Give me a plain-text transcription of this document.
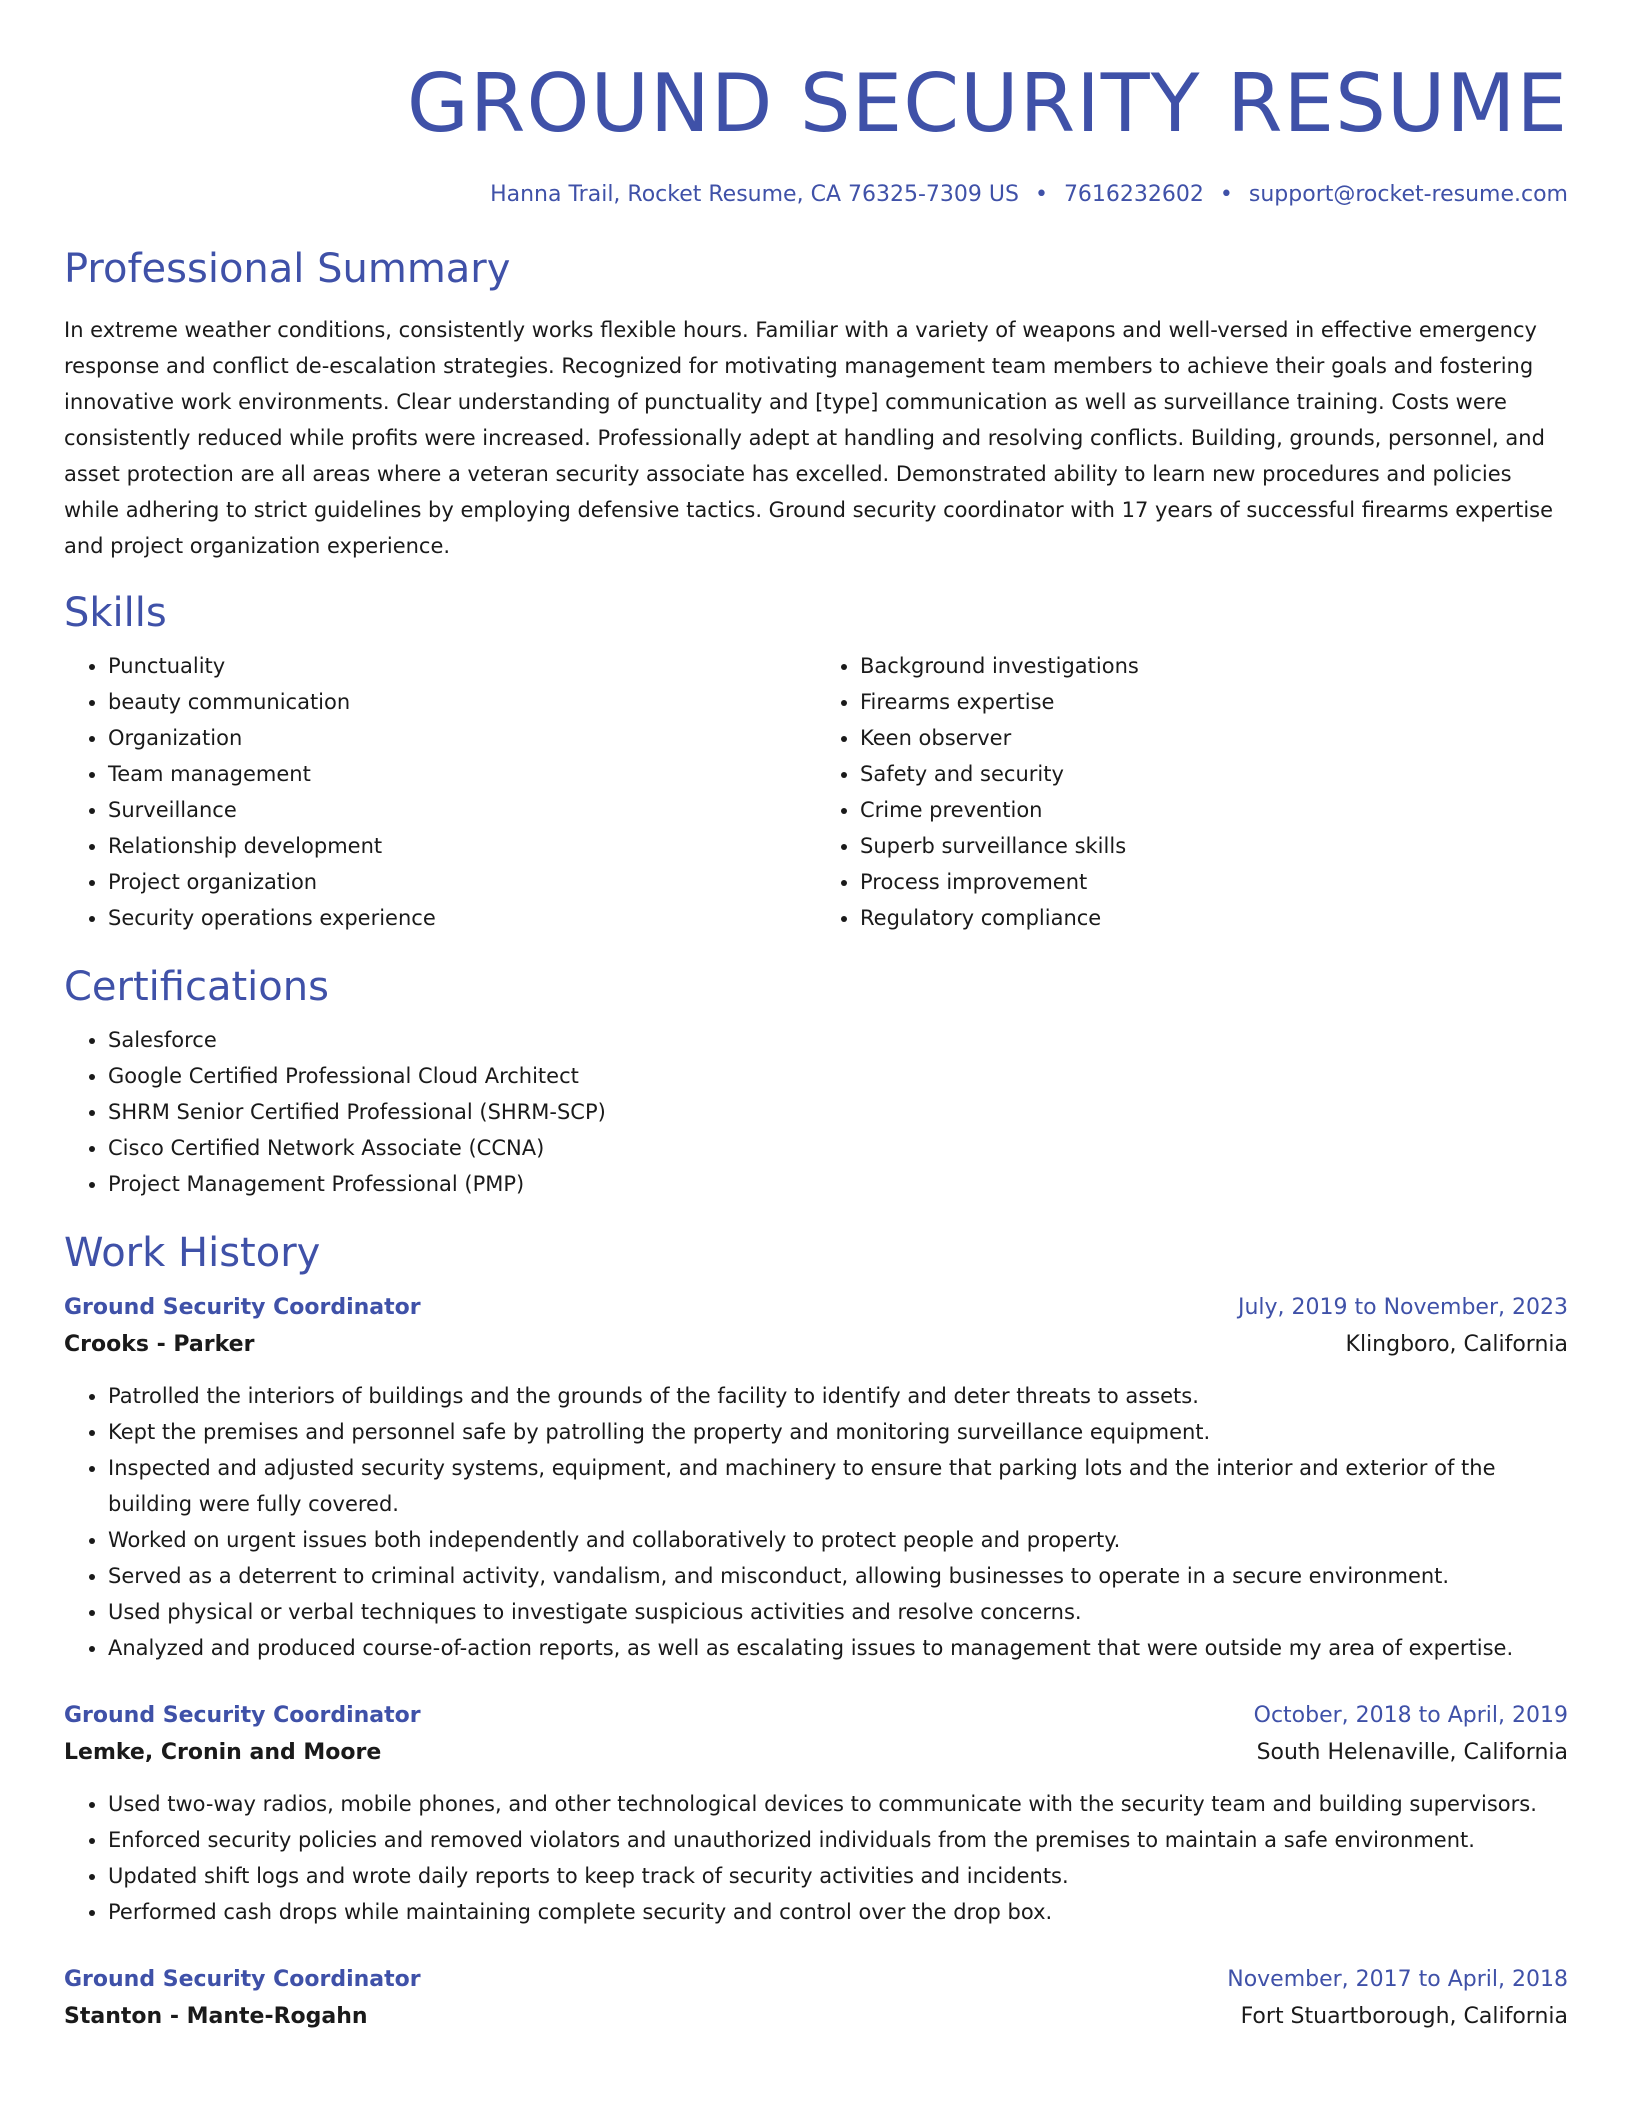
GROUND SECURITY RESUME
Hanna Trail, Rocket Resume, CA 76325-7309 US • 7616232602 • support@rocket-resume.com
Professional Summary

In extreme weather conditions, consistently works flexible hours. Familiar with a variety of weapons and well-versed in effective emergency response and conflict de-escalation strategies. Recognized for motivating management team members to achieve their goals and fostering innovative work environments. Clear understanding of punctuality and [type] communication as well as surveillance training. Costs were consistently reduced while profits were increased. Professionally adept at handling and resolving conflicts. Building, grounds, personnel, and asset protection are all areas where a veteran security associate has excelled. Demonstrated ability to learn new procedures and policies while adhering to strict guidelines by employing defensive tactics. Ground security coordinator with 17 years of successful firearms expertise and project organization experience.

Skills
• Punctuality
• beauty communication
• Organization
• Team management
• Surveillance
• Relationship development
• Project organization
• Security operations experience
• Background investigations
• Firearms expertise
• Keen observer
• Safety and security
• Crime prevention
• Superb surveillance skills
• Process improvement
• Regulatory compliance
Certifications
• Salesforce
• Google Certified Professional Cloud Architect
• SHRM Senior Certified Professional (SHRM-SCP)
• Cisco Certified Network Associate (CCNA)
• Project Management Professional (PMP)
Work History
Ground Security Coordinator	July, 2019 to November, 2023
Crooks - Parker	Klingboro, California
• Patrolled the interiors of buildings and the grounds of the facility to identify and deter threats to assets.
• Kept the premises and personnel safe by patrolling the property and monitoring surveillance equipment.
• Inspected and adjusted security systems, equipment, and machinery to ensure that parking lots and the interior and exterior of the building were fully covered.
• Worked on urgent issues both independently and collaboratively to protect people and property.
• Served as a deterrent to criminal activity, vandalism, and misconduct, allowing businesses to operate in a secure environment.
• Used physical or verbal techniques to investigate suspicious activities and resolve concerns.
• Analyzed and produced course-of-action reports, as well as escalating issues to management that were outside my area of expertise.
Ground Security Coordinator	October, 2018 to April, 2019
Lemke, Cronin and Moore	South Helenaville, California
• Used two-way radios, mobile phones, and other technological devices to communicate with the security team and building supervisors.
• Enforced security policies and removed violators and unauthorized individuals from the premises to maintain a safe environment.
• Updated shift logs and wrote daily reports to keep track of security activities and incidents.
• Performed cash drops while maintaining complete security and control over the drop box.
Ground Security Coordinator	November, 2017 to April, 2018
Stanton - Mante-Rogahn	Fort Stuartborough, California
